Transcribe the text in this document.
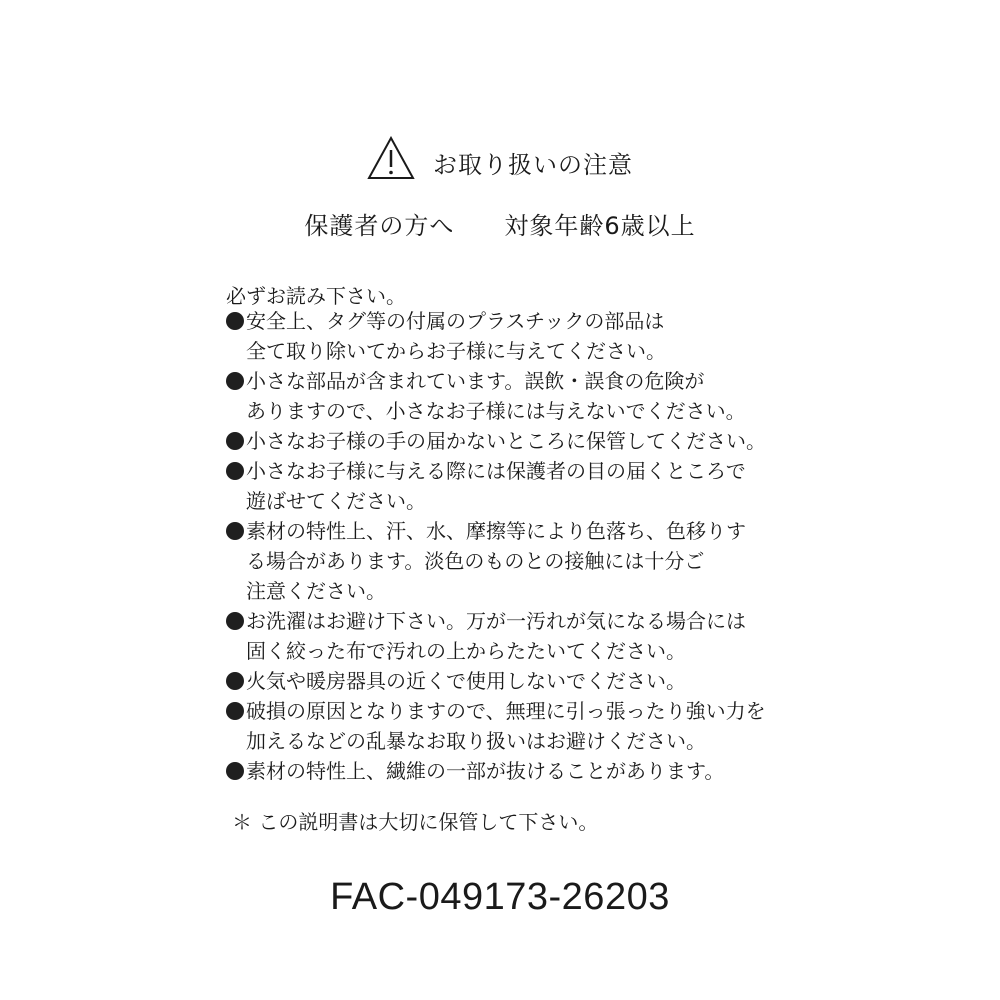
お取り扱いの注意
保護者の方へ　　対象年齢6歳以上
必ずお読み下さい。
安全上、タグ等の付属のプラスチックの部品は
全て取り除いてからお子様に与えてください。
小さな部品が含まれています。誤飲・誤食の危険が
ありますので、小さなお子様には与えないでください。
小さなお子様の手の届かないところに保管してください。
小さなお子様に与える際には保護者の目の届くところで
遊ばせてください。
素材の特性上、汗、水、摩擦等により色落ち、色移りす
る場合があります。淡色のものとの接触には十分ご
注意ください。
お洗濯はお避け下さい。万が一汚れが気になる場合には
固く絞った布で汚れの上からたたいてください。
火気や暖房器具の近くで使用しないでください。
破損の原因となりますので、無理に引っ張ったり強い力を
加えるなどの乱暴なお取り扱いはお避けください。
素材の特性上、繊維の一部が抜けることがあります。
＊ この説明書は大切に保管して下さい。
FAC-049173-26203
